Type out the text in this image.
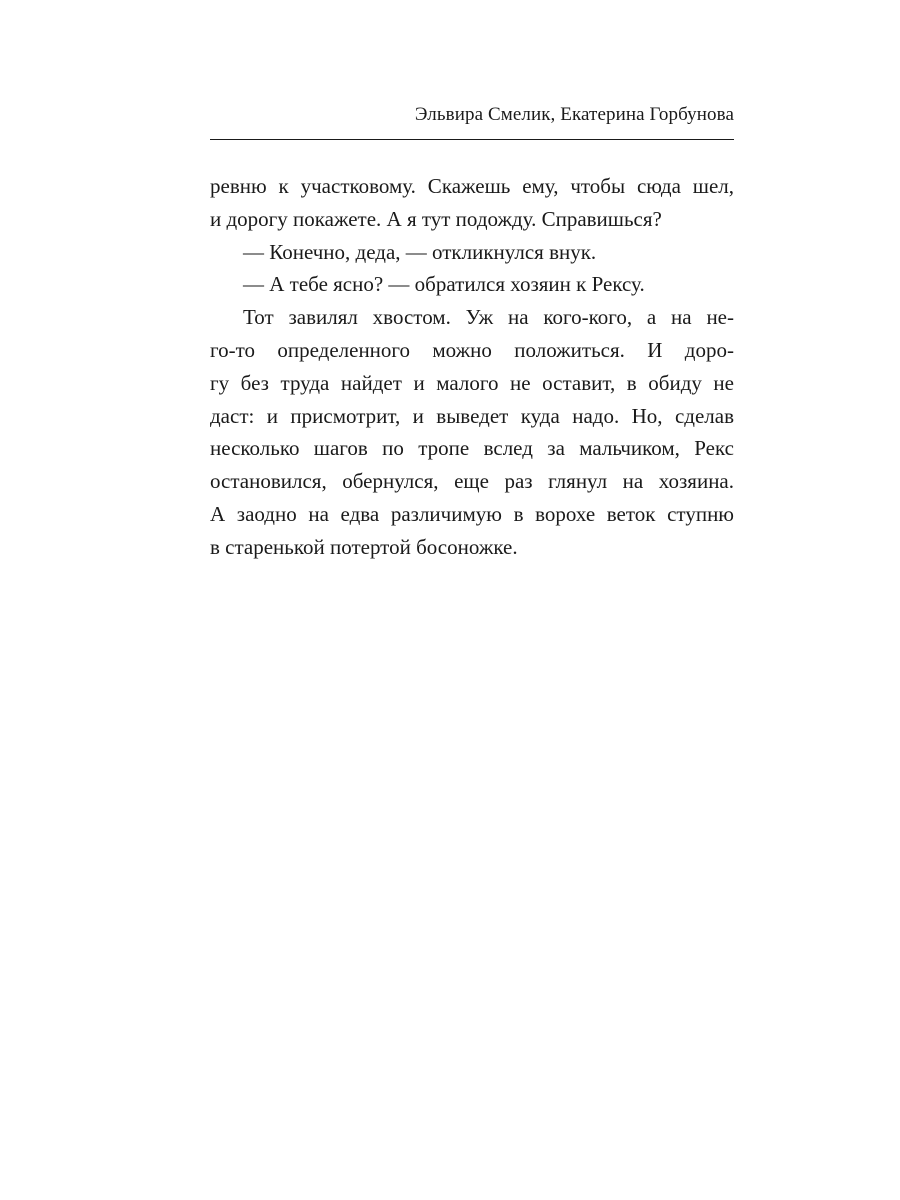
Эльвира Смелик, Екатерина Горбунова
ревню к участковому. Скажешь ему, чтобы сюда шел,
и дорогу покажете. А я тут подожду. Справишься?
— Конечно, деда, — откликнулся внук.
— А тебе ясно? — обратился хозяин к Рексу.
Тот завилял хвостом. Уж на кого-кого, а на не-
го-то определенного можно положиться. И доро-
гу без труда найдет и малого не оставит, в обиду не
даст: и присмотрит, и выведет куда надо. Но, сделав
несколько шагов по тропе вслед за мальчиком, Рекс
остановился, обернулся, еще раз глянул на хозяина.
А заодно на едва различимую в ворохе веток ступню
в старенькой потертой босоножке.
